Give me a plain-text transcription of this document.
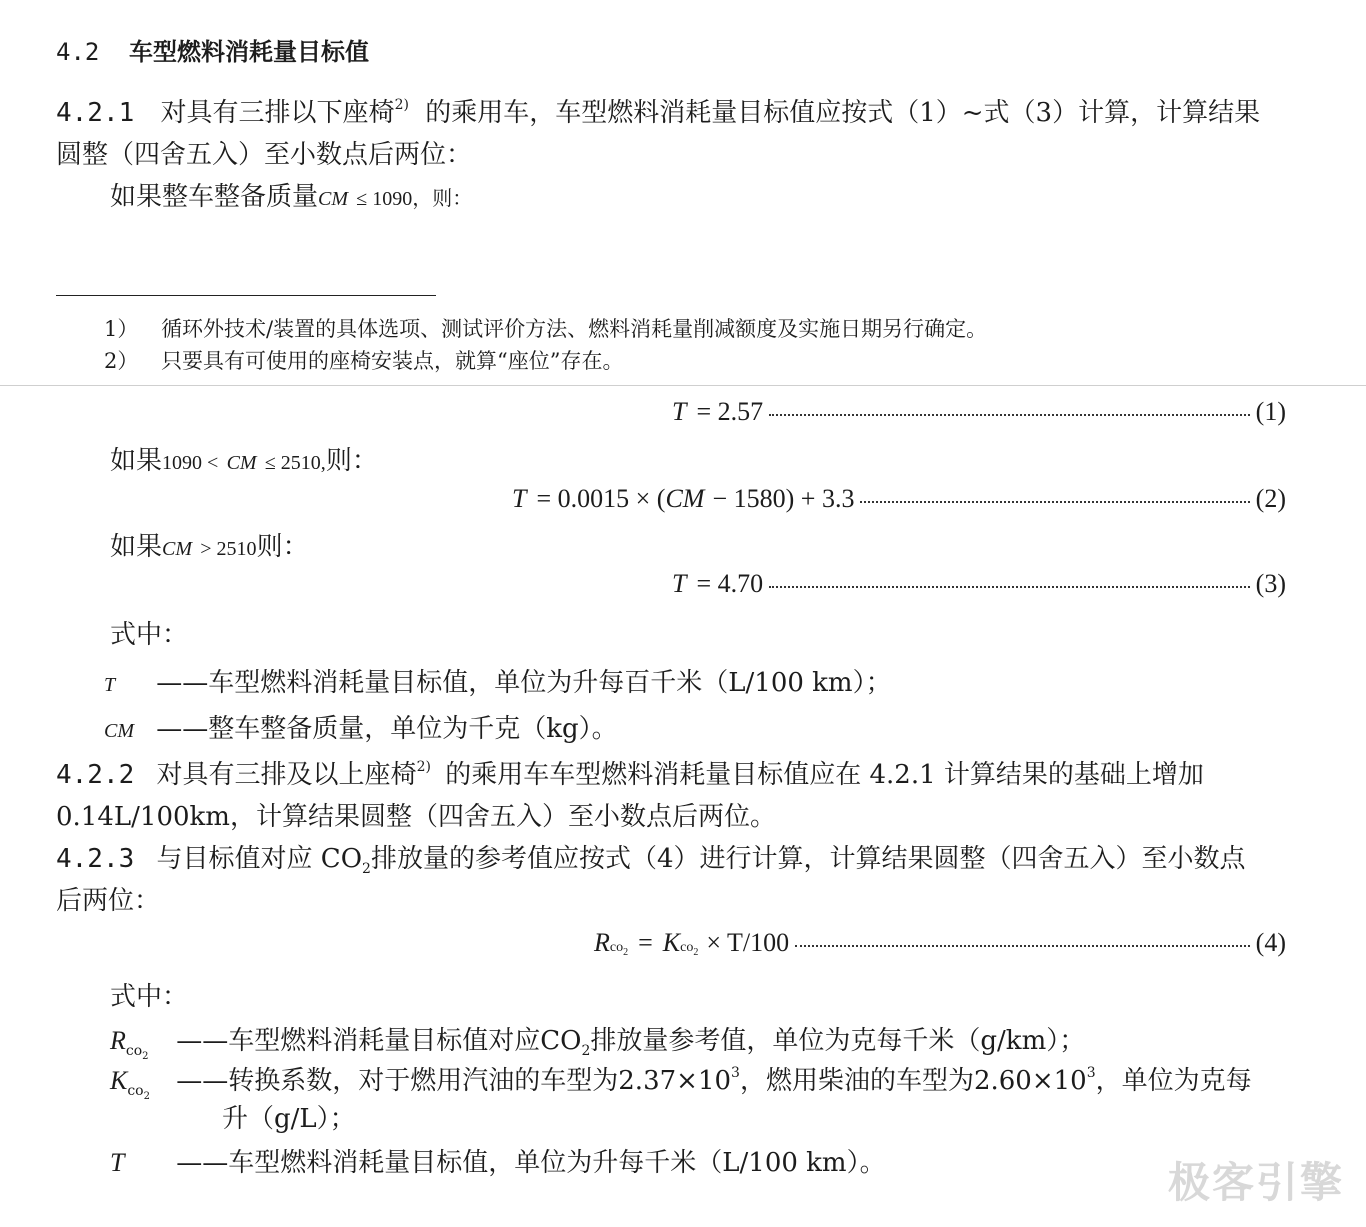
4.2 车型燃料消耗量目标值
4.2.1 对具有三排以下座椅$^{2)}$ 的乘用车，车型燃料消耗量目标值应按式（1）~式（3）计算，计算结果
圆整（四舍五入）至小数点后两位：
如果整车整备质量CM ≤ 1090，则：
1） 循环外技术/装置的具体选项、测试评价方法、燃料消耗量削减额度及实施日期另行确定。
2） 只要具有可使用的座椅安装点，就算“座位”存在。
T = 2.57	(1)
如果1090 < CM ≤ 2510,则：
T = 0.0015 × ( CM − 1580) + 3.3	(2)
如果CM > 2510则：
T = 4.70	(3)
式中：
T ——车型燃料消耗量目标值，单位为升每百千米（L/100 km）；
CM ——整车整备质量，单位为千克（kg）。
4.2.2 对具有三排及以上座椅$^{2)}$ 的乘用车车型燃料消耗量目标值应在 4.2.1 计算结果的基础上增加
0.14L/100km，计算结果圆整（四舍五入）至小数点后两位。
4.2.3 与目标值对应 $CO_2$排放量的参考值应按式（4）进行计算，计算结果圆整（四舍五入）至小数点
后两位：
R $_{co_2}$ = K $_{co_2}$ × T/100	(4)
式中：
$R_{co_2}$ ——车型燃料消耗量目标值对应$CO_2$排放量参考值，单位为克每千米（g/km）；
$K_{co_2}$ ——转换系数，对于燃用汽油的车型为$2.37\times 10^3$，燃用柴油的车型为$2.60\times 10^3$，单位为克每
升（g/L）；
T ——车型燃料消耗量目标值，单位为升每千米（L/100 km）。	极客引擎
